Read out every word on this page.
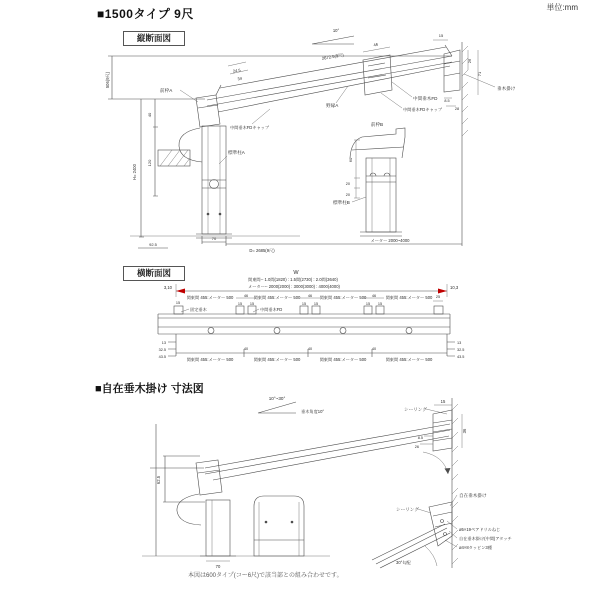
■1500タイプ 9尺	単位:mm
縦断面図
横断面図
■自在垂木掛け 寸法図
本図は600タイプ(コー6尺)で該当部との組み合わせです。
10°
2672.5(9尺)
506(9尺)
40
120
H= 2400
24.5
34
前枠A
標準柱A
70
92.5
D= 2685(9尺)
メーター 2000~4000
46
野縁A
中間垂木FD
中間垂木FDキャップ
中間垂木FDキャップ
15
26
71
8.5
28
垂木掛け
前枠B
60
20
20
標準柱B
W
関東間-- 1.0間(1820) : 1.5間(2730) : 2.0間(3640)
メーター-- 2000(2000) : 3000(3000) : 4000(4000)
3,10	10,3
関東間 455:メーター 500	関東間 455:メーター 500	関東間 455:メーター 500	関東間 455:メーター 500
15	15 15	15 15	15 15
46	46	46	25
固定垂木	中間垂木FD
40	40	40
13
32.5
43.5
13
32.5
43.5
関東間 455:メーター 500	関東間 455:メーター 500	関東間 455:メーター 500	関東間 455:メーター 500
10°~30°
垂木角度10°
62.5
70
15
36
8.5
26
シーリング
シーリング
自在垂木掛け
ø5×19ペアドリルねじ
自在垂木掛け(中間)アタッチ
ø4×8タッピン3種
30°勾配
